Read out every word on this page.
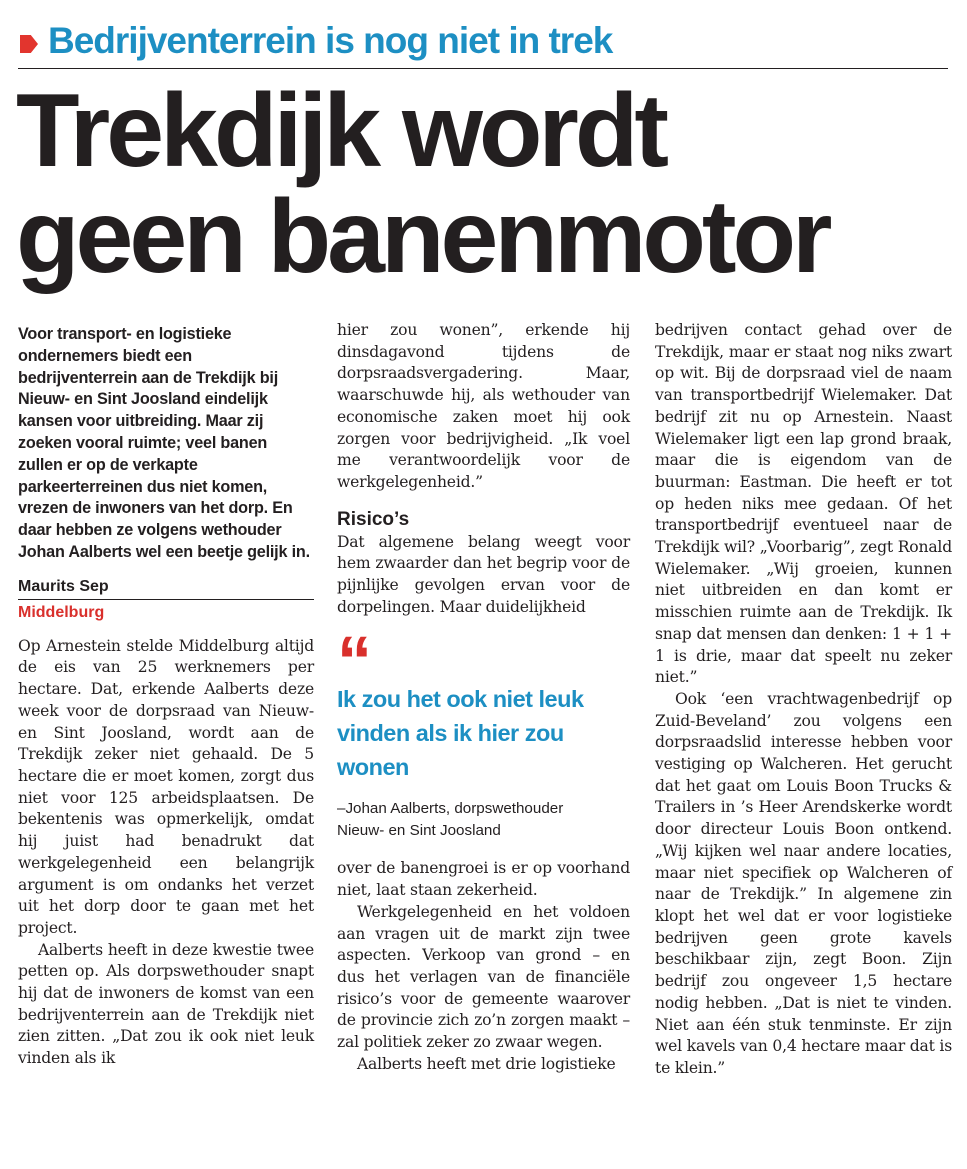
Bedrijventerrein is nog niet in trek
Trekdijk wordt
geen banenmotor

Voor transport- en logistieke ondernemers biedt een bedrijventerrein aan de Trekdijk bij Nieuw- en Sint Joosland eindelijk kansen voor uitbreiding. Maar zij zoeken vooral ruimte; veel banen zullen er op de verkapte parkeerterreinen dus niet komen, vrezen de inwoners van het dorp. En daar hebben ze volgens wethouder Johan Aalberts wel een beetje gelijk in.

Maurits Sep
Middelburg

Op Arnestein stelde Middelburg altijd de eis van 25 werknemers per hectare. Dat, erkende Aalberts deze week voor de dorpsraad van Nieuw- en Sint Joosland, wordt aan de Trekdijk zeker niet gehaald. De 5 hectare die er moet komen, zorgt dus niet voor 125 arbeidsplaatsen. De bekentenis was opmerkelijk, omdat hij juist had benadrukt dat werkgelegenheid een belangrijk argument is om ondanks het verzet uit het dorp door te gaan met het project.

Aalberts heeft in deze kwestie twee petten op. Als dorpswethouder snapt hij dat de inwoners de komst van een bedrijventerrein aan de Trekdijk niet zien zitten. „Dat zou ik ook niet leuk vinden als ik

hier zou wonen”, erkende hij dinsdagavond tijdens de dorpsraadsvergadering. Maar, waarschuwde hij, als wethouder van economische zaken moet hij ook zorgen voor bedrijvigheid. „Ik voel me verantwoordelijk voor de werkgelegenheid.”

Risico’s

Dat algemene belang weegt voor hem zwaarder dan het begrip voor de pijnlijke gevolgen ervan voor de dorpelingen. Maar duidelijkheid

“
Ik zou het ook niet leuk vinden als ik hier zou wonen
–Johan Aalberts, dorpswethouder
Nieuw- en Sint Joosland

over de banengroei is er op voorhand niet, laat staan zekerheid.

Werkgelegenheid en het voldoen aan vragen uit de markt zijn twee aspecten. Verkoop van grond – en dus het verlagen van de financiële risico’s voor de gemeente waarover de provincie zich zo’n zorgen maakt – zal politiek zeker zo zwaar wegen.

Aalberts heeft met drie logistieke

bedrijven contact gehad over de Trekdijk, maar er staat nog niks zwart op wit. Bij de dorpsraad viel de naam van transportbedrijf Wielemaker. Dat bedrijf zit nu op Arnestein. Naast Wielemaker ligt een lap grond braak, maar die is eigendom van de buurman: Eastman. Die heeft er tot op heden niks mee gedaan. Of het transportbedrijf eventueel naar de Trekdijk wil? „Voorbarig”, zegt Ronald Wielemaker. „Wij groeien, kunnen niet uitbreiden en dan komt er misschien ruimte aan de Trekdijk. Ik snap dat mensen dan denken: 1 + 1 + 1 is drie, maar dat speelt nu zeker niet.”

Ook ‘een vrachtwagenbedrijf op Zuid-Beveland’ zou volgens een dorpsraadslid interesse hebben voor vestiging op Walcheren. Het gerucht dat het gaat om Louis Boon Trucks & Trailers in ’s Heer Arendskerke wordt door directeur Louis Boon ontkend. „Wij kijken wel naar andere locaties, maar niet specifiek op Walcheren of naar de Trekdijk.” In algemene zin klopt het wel dat er voor logistieke bedrijven geen grote kavels beschikbaar zijn, zegt Boon. Zijn bedrijf zou ongeveer 1,5 hectare nodig hebben. „Dat is niet te vinden. Niet aan één stuk tenminste. Er zijn wel kavels van 0,4 hectare maar dat is te klein.”
